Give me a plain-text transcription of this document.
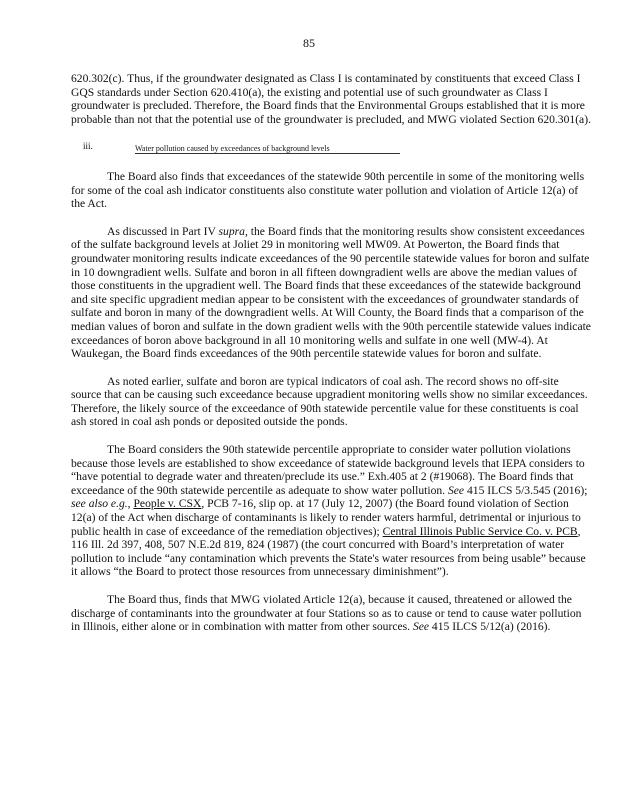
85

620.302(c). Thus, if the groundwater designated as Class I is contaminated by constituents that exceed Class I GQS standards under Section 620.410(a), the existing and potential use of such groundwater as Class I groundwater is precluded. Therefore, the Board finds that the Environmental Groups established that it is more probable than not that the potential use of the groundwater is precluded, and MWG violated Section 620.301(a).

iii.	Water pollution caused by exceedances of background levels

The Board also finds that exceedances of the statewide 90th percentile in some of the monitoring wells for some of the coal ash indicator constituents also constitute water pollution and violation of Article 12(a) of the Act.

As discussed in Part IV supra, the Board finds that the monitoring results show consistent exceedances of the sulfate background levels at Joliet 29 in monitoring well MW09. At Powerton, the Board finds that groundwater monitoring results indicate exceedances of the 90 percentile statewide values for boron and sulfate in 10 downgradient wells. Sulfate and boron in all fifteen downgradient wells are above the median values of those constituents in the upgradient well. The Board finds that these exceedances of the statewide background and site specific upgradient median appear to be consistent with the exceedances of groundwater standards of sulfate and boron in many of the downgradient wells. At Will County, the Board finds that a comparison of the median values of boron and sulfate in the down gradient wells with the 90th percentile statewide values indicate exceedances of boron above background in all 10 monitoring wells and sulfate in one well (MW-4). At Waukegan, the Board finds exceedances of the 90th percentile statewide values for boron and sulfate.

As noted earlier, sulfate and boron are typical indicators of coal ash. The record shows no off-site source that can be causing such exceedance because upgradient monitoring wells show no similar exceedances. Therefore, the likely source of the exceedance of 90th statewide percentile value for these constituents is coal ash stored in coal ash ponds or deposited outside the ponds.

The Board considers the 90th statewide percentile appropriate to consider water pollution violations because those levels are established to show exceedance of statewide background levels that IEPA considers to “have potential to degrade water and threaten/preclude its use.” Exh.405 at 2 (#19068). The Board finds that exceedance of the 90th statewide percentile as adequate to show water pollution. See 415 ILCS 5/3.545 (2016); see also e.g., People v. CSX, PCB 7-16, slip op. at 17 (July 12, 2007) (the Board found violation of Section 12(a) of the Act when discharge of contaminants is likely to render waters harmful, detrimental or injurious to public health in case of exceedance of the remediation objectives); Central Illinois Public Service Co. v. PCB, 116 Ill. 2d 397, 408, 507 N.E.2d 819, 824 (1987) (the court concurred with Board’s interpretation of water pollution to include “any contamination which prevents the State's water resources from being usable” because it allows “the Board to protect those resources from unnecessary diminishment”).

The Board thus, finds that MWG violated Article 12(a), because it caused, threatened or allowed the discharge of contaminants into the groundwater at four Stations so as to cause or tend to cause water pollution in Illinois, either alone or in combination with matter from other sources. See 415 ILCS 5/12(a) (2016).
